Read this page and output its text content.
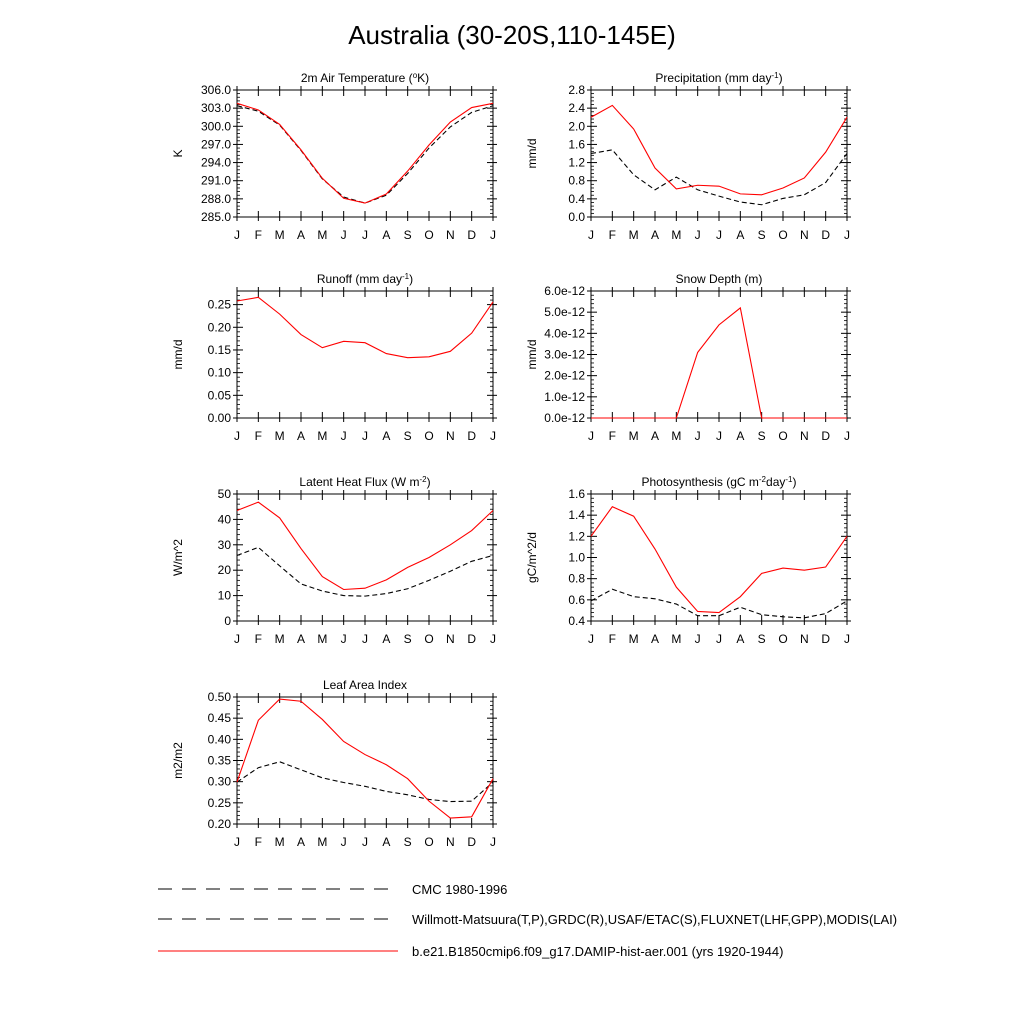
Australia (30-20S,110-145E)
2m Air Temperature ($^o$K)
K
285.0
288.0
291.0
294.0
297.0
300.0
303.0
306.0
J F M A M J J A S O N D J
Precipitation (mm day$^{-1}$)
mm/d
0.0
0.4
0.8
1.2
1.6
2.0
2.4
2.8
J F M A M J J A S O N D J
Runoff (mm day$^{-1}$)
mm/d
0.00
0.05
0.10
0.15
0.20
0.25
J F M A M J J A S O N D J
Snow Depth (m)
mm/d
0.0e-12
1.0e-12
2.0e-12
3.0e-12
4.0e-12
5.0e-12
6.0e-12
J F M A M J J A S O N D J
Latent Heat Flux (W $m^{-2}$)
W/m^2
0
10
20
30
40
50
J F M A M J J A S O N D J
Photosynthesis (gC $m^{-2}day^{-1}$)
gC/m^2/d
0.4
0.6
0.8
1.0
1.2
1.4
1.6
J F M A M J J A S O N D J
Leaf Area Index
m2/m2
0.20
0.25
0.30
0.35
0.40
0.45
0.50
J F M A M J J A S O N D J
CMC 1980-1996
Willmott-Matsuura(T,P),GRDC(R),USAF/ETAC(S),FLUXNET(LHF,GPP),MODIS(LAI)
b.e21.B1850cmip6.f09_g17.DAMIP-hist-aer.001 (yrs 1920-1944)
